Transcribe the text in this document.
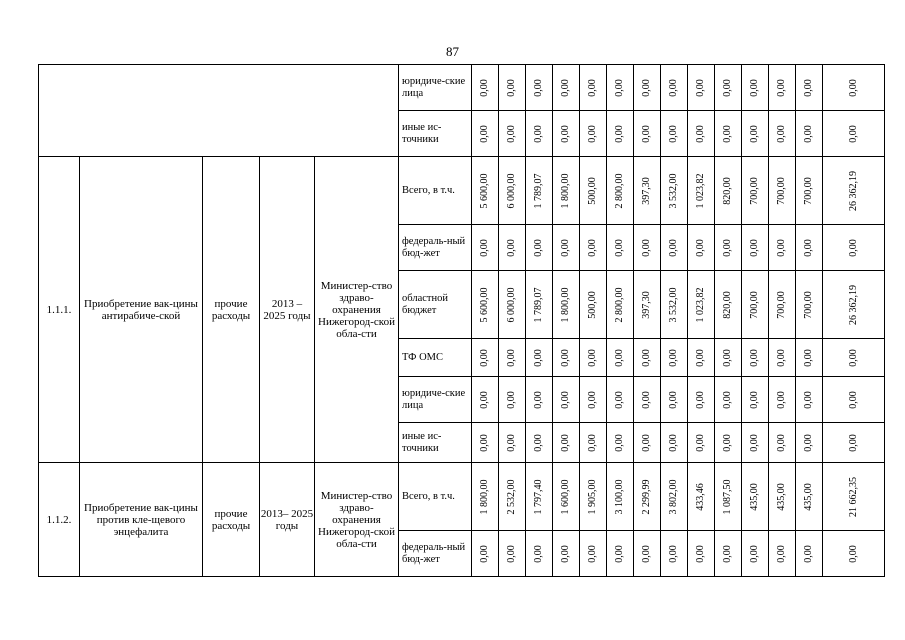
87
					юридиче-ские лица	0,00	0,00	0,00	0,00	0,00	0,00	0,00	0,00	0,00	0,00	0,00	0,00	0,00	0,00

					иные ис-точники	0,00	0,00	0,00	0,00	0,00	0,00	0,00	0,00	0,00	0,00	0,00	0,00	0,00	0,00

1.1.1.	Приобретение вак-цины антирабиче-ской	прочие расходы	2013 – 2025 годы	Министер-ство здраво-охранения Нижегород-ской обла-сти	Всего, в т.ч.	5 600,00	6 000,00	1 789,07	1 800,00	500,00	2 800,00	397,30	3 532,00	1 023,82	820,00	700,00	700,00	700,00	26 362,19

					федераль-ный бюд-жет	0,00	0,00	0,00	0,00	0,00	0,00	0,00	0,00	0,00	0,00	0,00	0,00	0,00	0,00

					областной бюджет	5 600,00	6 000,00	1 789,07	1 800,00	500,00	2 800,00	397,30	3 532,00	1 023,82	820,00	700,00	700,00	700,00	26 362,19

					ТФ ОМС	0,00	0,00	0,00	0,00	0,00	0,00	0,00	0,00	0,00	0,00	0,00	0,00	0,00	0,00

					юридиче-ские лица	0,00	0,00	0,00	0,00	0,00	0,00	0,00	0,00	0,00	0,00	0,00	0,00	0,00	0,00

					иные ис-точники	0,00	0,00	0,00	0,00	0,00	0,00	0,00	0,00	0,00	0,00	0,00	0,00	0,00	0,00

1.1.2.	Приобретение вак-цины против кле-щевого энцефалита	прочие расходы	2013– 2025 годы	Министер-ство здраво-охранения Нижегород-ской обла-сти	Всего, в т.ч.	1 800,00	2 532,00	1 797,40	1 600,00	1 905,00	3 100,00	2 299,99	3 802,00	433,46	1 087,50	435,00	435,00	435,00	21 662,35

					федераль-ный бюд-жет	0,00	0,00	0,00	0,00	0,00	0,00	0,00	0,00	0,00	0,00	0,00	0,00	0,00	0,00
